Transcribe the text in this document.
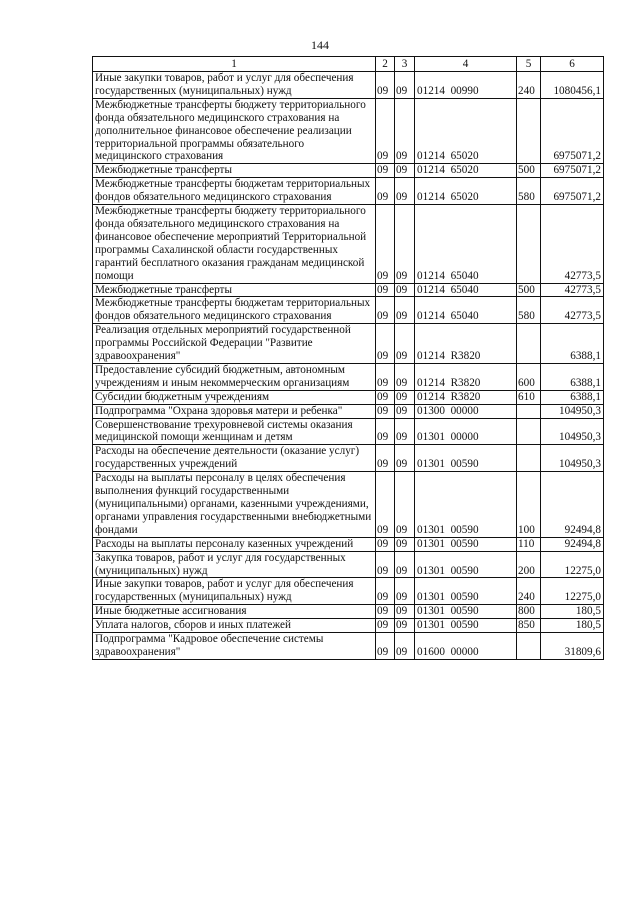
144
1	2	3	4	5	6
Иные закупки товаров, работ и услуг для обеспечения государственных (муниципальных) нужд	09	09	01214  00990	240	1080456,1
Межбюджетные трансферты бюджету территориального фонда обязательного медицинского страхования на дополнительное финансовое обеспечение реализации территориальной программы обязательного медицинского страхования	09	09	01214  65020		6975071,2
Межбюджетные трансферты	09	09	01214  65020	500	6975071,2
Межбюджетные трансферты бюджетам территориальных фондов обязательного медицинского страхования	09	09	01214  65020	580	6975071,2
Межбюджетные трансферты бюджету территориального фонда обязательного медицинского страхования на финансовое обеспечение мероприятий Территориальной программы Сахалинской области государственных гарантий бесплатного оказания гражданам медицинской помощи	09	09	01214  65040		42773,5
Межбюджетные трансферты	09	09	01214  65040	500	42773,5
Межбюджетные трансферты бюджетам территориальных фондов обязательного медицинского страхования	09	09	01214  65040	580	42773,5
Реализация отдельных мероприятий государственной программы Российской Федерации "Развитие здравоохранения"	09	09	01214  R3820		6388,1
Предоставление субсидий бюджетным, автономным учреждениям и иным некоммерческим организациям	09	09	01214  R3820	600	6388,1
Субсидии бюджетным учреждениям	09	09	01214  R3820	610	6388,1
Подпрограмма "Охрана здоровья матери и ребенка"	09	09	01300  00000		104950,3
Совершенствование трехуровневой системы оказания медицинской помощи женщинам и детям	09	09	01301  00000		104950,3
Расходы на обеспечение деятельности (оказание услуг) государственных учреждений	09	09	01301  00590		104950,3
Расходы на выплаты персоналу в целях обеспечения выполнения функций государственными (муниципальными) органами, казенными учреждениями, органами управления государственными внебюджетными фондами	09	09	01301  00590	100	92494,8
Расходы на выплаты персоналу казенных учреждений	09	09	01301  00590	110	92494,8
Закупка товаров, работ и услуг для государственных (муниципальных) нужд	09	09	01301  00590	200	12275,0
Иные закупки товаров, работ и услуг для обеспечения государственных (муниципальных) нужд	09	09	01301  00590	240	12275,0
Иные бюджетные ассигнования	09	09	01301  00590	800	180,5
Уплата налогов, сборов и иных платежей	09	09	01301  00590	850	180,5
Подпрограмма "Кадровое обеспечение системы здравоохранения"	09	09	01600  00000		31809,6
